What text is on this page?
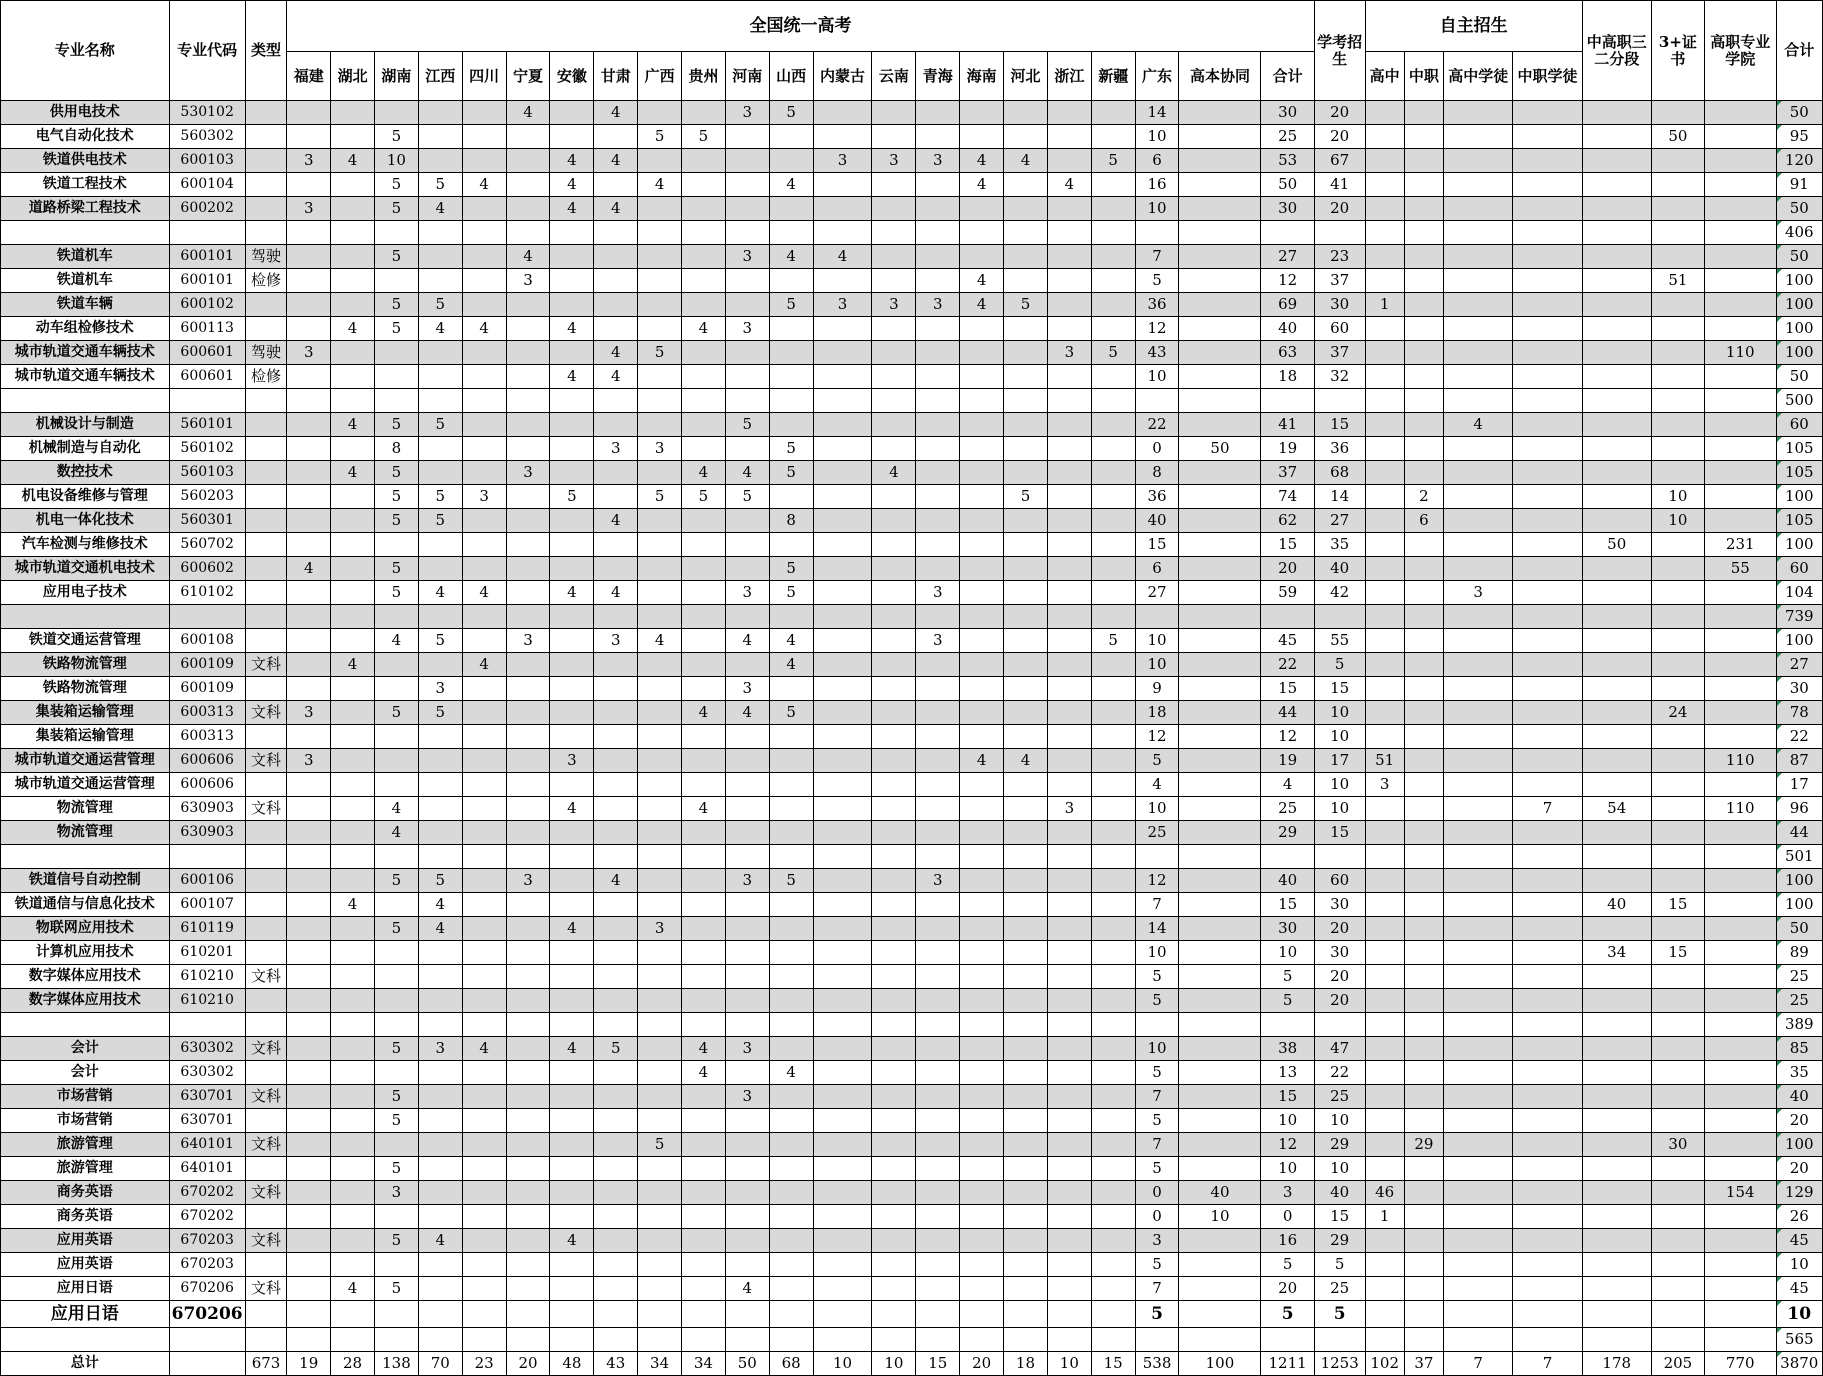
专业名称	专业代码	类型	全国统一高考																						学考招生	自主招生				中高职三二分段	3+证书	高职专业学院	合计
			福建	湖北	湖南	江西	四川	宁夏	安徽	甘肃	广西	贵州	河南	山西	内蒙古	云南	青海	海南	河北	浙江	新疆	广东	高本协同	合计		高中	中职	高中学徒	中职学徒				
供用电技术	530102							4		4			3	5								14		30	20								50
电气自动化技术	560302				5						5	5										10		25	20						50		95
铁道供电技术	600103		3	4	10				4	4					3	3	3	4	4		5	6		53	67								120
铁道工程技术	600104				5	5	4		4		4			4				4		4		16		50	41								91
道路桥梁工程技术	600202		3		5	4			4	4												10		30	20								50
																																	406
铁道机车	600101	驾驶			5			4					3	4	4							7		27	23								50
铁道机车	600101	检修						3										4				5		12	37						51		100
铁道车辆	600102				5	5								5	3	3	3	4	5			36		69	30	1							100
动车组检修技术	600113			4	5	4	4		4			4	3									12		40	60								100
城市轨道交通车辆技术	600601	驾驶	3							4	5									3	5	43		63	37							110	100
城市轨道交通车辆技术	600601	检修							4	4												10		18	32								50
																																	500
机械设计与制造	560101			4	5	5							5									22		41	15			4					60
机械制造与自动化	560102				8					3	3			5								0	50	19	36								105
数控技术	560103			4	5			3				4	4	5		4						8		37	68								105
机电设备维修与管理	560203				5	5	3		5		5	5	5						5			36		74	14		2				10		100
机电一体化技术	560301				5	5				4				8								40		62	27		6				10		105
汽车检测与维修技术	560702																					15		15	35					50		231	100
城市轨道交通机电技术	600602		4		5									5								6		20	40							55	60
应用电子技术	610102				5	4	4		4	4			3	5			3					27		59	42			3					104
																																	739
铁道交通运营管理	600108				4	5		3		3	4		4	4			3				5	10		45	55								100
铁路物流管理	600109	文科		4			4							4								10		22	5								27
铁路物流管理	600109					3							3									9		15	15								30
集装箱运输管理	600313	文科	3		5	5						4	4	5								18		44	10						24		78
集装箱运输管理	600313																					12		12	10								22
城市轨道交通运营管理	600606	文科	3						3									4	4			5		19	17	51						110	87
城市轨道交通运营管理	600606																					4		4	10	3							17
物流管理	630903	文科			4				4			4								3		10		25	10				7	54		110	96
物流管理	630903				4																	25		29	15								44
																																	501
铁道信号自动控制	600106				5	5		3		4			3	5			3					12		40	60								100
铁道通信与信息化技术	600107			4		4																7		15	30					40	15		100
物联网应用技术	610119				5	4			4		3											14		30	20								50
计算机应用技术	610201																					10		10	30					34	15		89
数字媒体应用技术	610210	文科																				5		5	20								25
数字媒体应用技术	610210																					5		5	20								25
																																	389
会计	630302	文科			5	3	4		4	5		4	3									10		38	47								85
会计	630302											4		4								5		13	22								35
市场营销	630701	文科			5								3									7		15	25								40
市场营销	630701				5																	5		10	10								20
旅游管理	640101	文科									5											7		12	29		29				30		100
旅游管理	640101				5																	5		10	10								20
商务英语	670202	文科			3																	0	40	3	40	46						154	129
商务英语	670202																					0	10	0	15	1							26
应用英语	670203	文科			5	4			4													3		16	29								45
应用英语	670203																					5		5	5								10
应用日语	670206	文科		4	5								4									7		20	25								45
应用日语	670206																					5		5	5								10
																																	565
总计		673	19	28	138	70	23	20	48	43	34	34	50	68	10	10	15	20	18	10	15	538	100	1211	1253	102	37	7	7	178	205	770	3870
